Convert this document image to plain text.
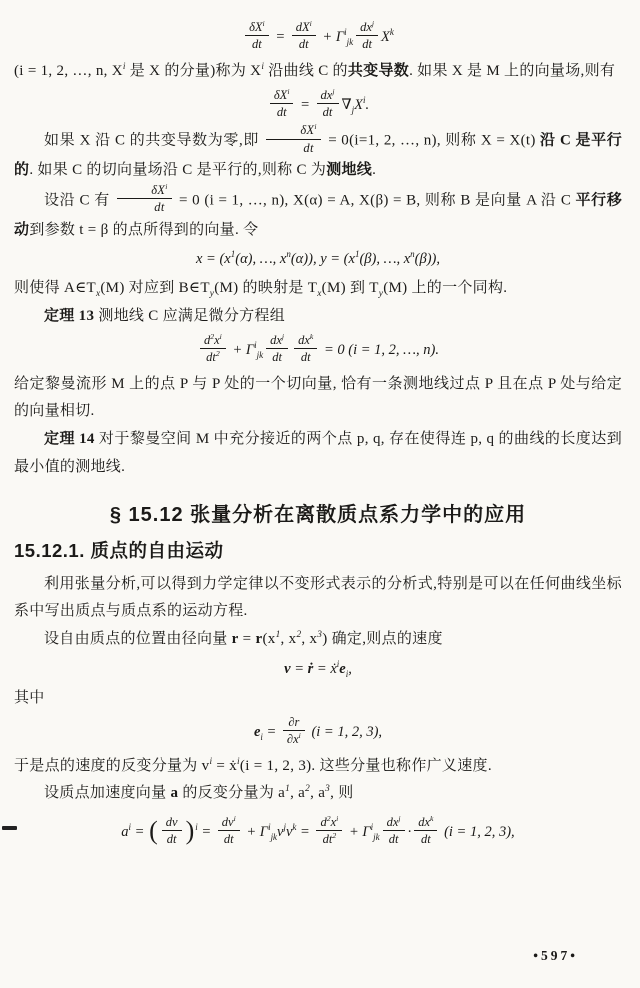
$\frac{\delta X^i}{dt} = \frac{dX^i}{dt} + \Gamma^i_{jk} \frac{dx^j}{dt} X^k$
(i = 1, 2, …, n, $X^i$ 是 X 的分量)称为 $X^i$ 沿曲线 C 的共变导数. 如果 X 是 M 上的向量场,则有
$\frac{\delta X^i}{dt} = \frac{dx^j}{dt} \nabla_jX^i$.
如果 X 沿 C 的共变导数为零,即 $\frac{\delta X^i}{dt} = 0(i=1$, 2, …, n), 则称 X = X(t) 沿 C 是平行的. 如果 C 的切向量场沿 C 是平行的,则称 C 为测地线.
设沿 C 有 $\frac{\delta X^i}{dt} = 0$ (i = 1, …, n), X(α) = A, X(β) = B, 则称 B 是向量 A 沿 C 平行移动到参数 t = β 的点所得到的向量. 令
$x = (x^1(\alpha)$, …, $x^n(\alpha)$), $y = (x^1(\beta)$, …, $x^n(\beta)$),
则使得 $A\in T_x(M)$ 对应到 $B\in T_y(M)$ 的映射是 $T_x(M)$ 到 $T_y(M)$ 上的一个同构.
定理 13 测地线 C 应满足微分方程组
$\frac{d^2x^i}{dt^2} + \Gamma^i_{jk} \frac{dx^j}{dt} \frac{dx^k}{dt} = 0$ (i = 1, 2, …, n).
给定黎曼流形 M 上的点 P 与 P 处的一个切向量, 恰有一条测地线过点 P 且在点 P 处与给定的向量相切.
定理 14 对于黎曼空间 M 中充分接近的两个点 p, q, 存在使得连 p, q 的曲线的长度达到最小值的测地线.
§ 15.12 张量分析在离散质点系力学中的应用
15.12.1. 质点的自由运动
利用张量分析,可以得到力学定律以不变形式表示的分析式,特别是可以在任何曲线坐标系中写出质点与质点系的运动方程.
设自由质点的位置由径向量 $r = r(x^1$, $x^2$, $x^3$) 确定,则点的速度
v = ṙ = $ẋ^ie_i$,
其中
$e_i = \frac{\partial r}{\partial x^i} (i = 1$, 2, 3),
于是点的速度的反变分量为 $v^i$ = ẋ$^i$(i = 1, 2, 3). 这些分量也称作广义速度.
设质点加速度向量 a 的反变分量为 $a^1$, $a^2$, $a^3$, 则
$a^i$ = ( $\frac{dv}{dt} )^i = \frac{dv^i}{dt} + \Gamma^i_{jk}v^jv^k = \frac{d^2x^i}{dt^2} + \Gamma^i_{jk} \frac{dx^j}{dt} \cdot \frac{dx^k}{dt} (i = 1$, 2, 3),
•597•
